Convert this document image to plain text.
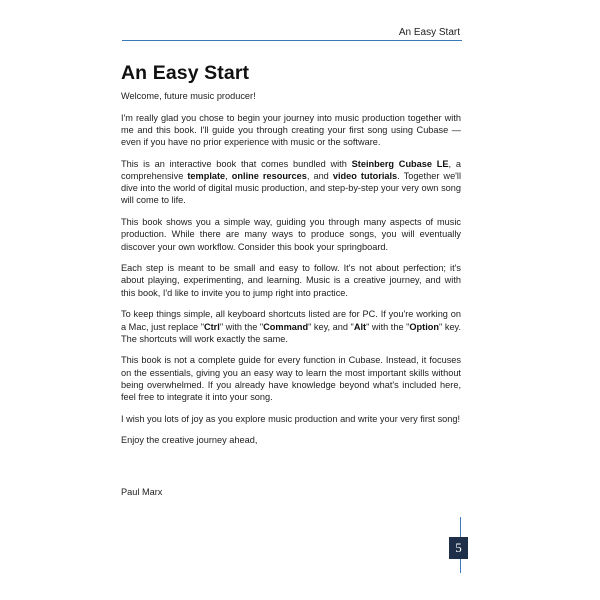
An Easy Start
An Easy Start

Welcome, future music producer!

I'm really glad you chose to begin your journey into music production together with me and this book. I'll guide you through creating your first song using Cubase — even if you have no prior experience with music or the software.

This is an interactive book that comes bundled with Steinberg Cubase LE, a comprehensive template, online resources, and video tutorials. Together we'll dive into the world of digital music production, and step-by-step your very own song will come to life.

This book shows you a simple way, guiding you through many aspects of music production. While there are many ways to produce songs, you will eventually discover your own workflow. Consider this book your springboard.

Each step is meant to be small and easy to follow. It's not about perfection; it's about playing, experimenting, and learning. Music is a creative journey, and with this book, I'd like to invite you to jump right into practice.

To keep things simple, all keyboard shortcuts listed are for PC. If you're working on a Mac, just replace "Ctrl" with the "Command" key, and "Alt" with the "Option" key. The shortcuts will work exactly the same.

This book is not a complete guide for every function in Cubase. Instead, it focuses on the essentials, giving you an easy way to learn the most important skills without being overwhelmed. If you already have knowledge beyond what's included here, feel free to integrate it into your song.

I wish you lots of joy as you explore music production and write your very first song!

Enjoy the creative journey ahead,

Paul Marx
5
